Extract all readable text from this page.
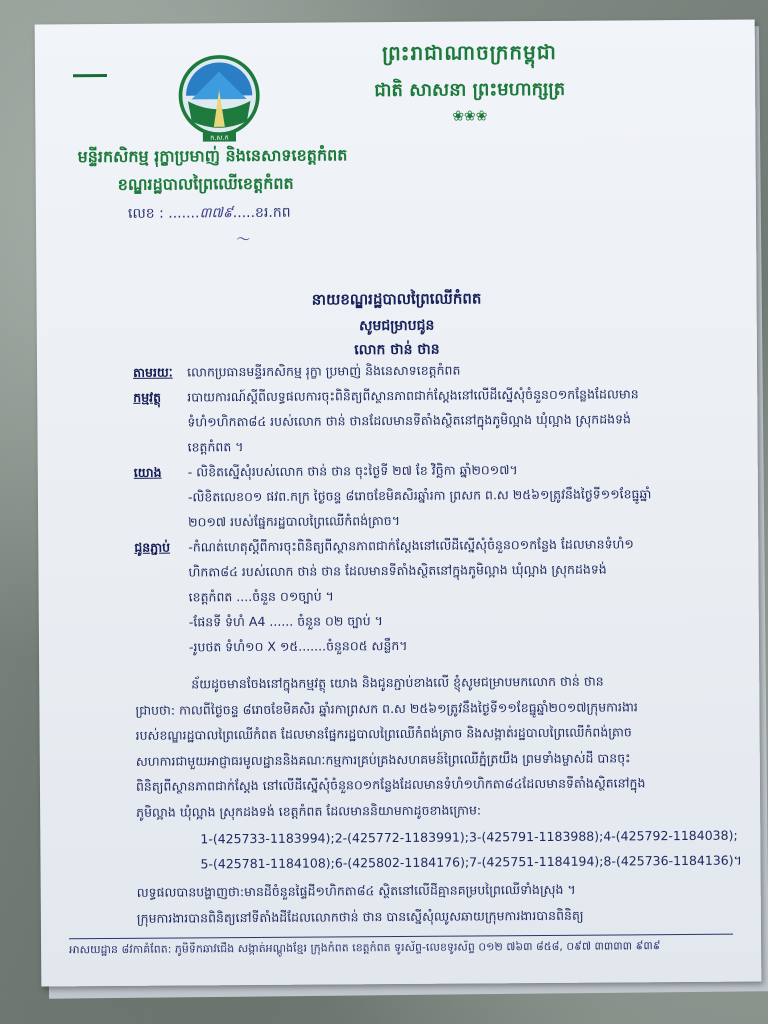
ព្រះរាជាណាចក្រកម្ពុជា
ជាតិ សាសនា ព្រះមហាក្សត្រ
❀❀❀
ក.ស.ក
មន្ទីរកសិកម្ម រុក្ខាប្រមាញ់ និងនេសាទខេត្តកំពត
ខណ្ឌរដ្ឋបាលព្រៃឈើខេត្តកំពត
លេខ : .......៣៧៩.....ខរ.កព
〜
នាយខណ្ឌរដ្ឋបាលព្រៃឈើកំពត
សូមជម្រាបជូន
លោក ថាន់ ថាន
តាមរយៈ លោកប្រធានមន្ទីរកសិកម្ម រុក្ខា ប្រមាញ់ និងនេសាទខេត្តកំពត
កម្មវត្ថុ របាយការណ៍ស្តីពីលទ្ធផលការចុះពិនិត្យពីស្ថានភាពជាក់ស្តែងនៅលើដីស្នើសុំចំនួន០១កន្លែងដែលមាន
ទំហំ១ហិកតា៨៤ របស់លោក ថាន់ ថានដែលមានទីតាំងស្ថិតនៅក្នុងភូមិល្អាង ឃុំល្អាង ស្រុកដងទង់
ខេត្តកំពត ។
យោង - លិខិតស្នើសុំរបស់លោក ថាន់ ថាន ចុះថ្ងៃទី ២៧ ខែ វិច្ឆិកា ឆ្នាំ២០១៧។
-លិខិតលេខ០១ ផវព.កក្រ ថ្ងៃចន្ទ ៨រោចខែមិគសិរឆ្នាំរកា ព្រសក ព.ស ២៥៦១ត្រូវនឹងថ្ងៃទី១១ខែធ្នូឆ្នាំ
២០១៧ របស់ផ្នែករដ្ឋបាលព្រៃឈើកំពង់ត្រាច។
ជូនភ្ជាប់ -កំណត់ហេតុស្តីពីការចុះពិនិត្យពីស្ថានភាពជាក់ស្តែងនៅលើដីស្នើសុំចំនួន០១កន្លែង ដែលមានទំហំ១
ហិកតា៨៤ របស់លោក ថាន់ ថាន ដែលមានទីតាំងស្ថិតនៅក្នុងភូមិល្អាង ឃុំល្អាង ស្រុកដងទង់
ខេត្តកំពត ....ចំនួន ០១ច្បាប់ ។
-ផែនទី ទំហំ A4 ...... ចំនួន ០២ ច្បាប់ ។
-រូបថត ទំហំ១០ X ១៥.......ចំនួន០៥ សន្លឹក។
ន័យដូចមានចែងនៅក្នុងកម្មវត្ថុ យោង និងជូនភ្ជាប់ខាងលើ ខ្ញុំសូមជម្រាបមកលោក ថាន់ ថាន
ជ្រាបថា: កាលពីថ្ងៃចន្ទ ៨រោចខែមិគសិរ ឆ្នាំរកាព្រសក ព.ស ២៥៦១ត្រូវនឹងថ្ងៃទី១១ខែធ្នូឆ្នាំ២០១៧ក្រុមការងារ
របស់ខណ្ឌរដ្ឋបាលព្រៃឈើកំពត ដែលមានផ្នែករដ្ឋបាលព្រៃឈើកំពង់ត្រាច និងសង្កាត់រដ្ឋបាលព្រៃឈើកំពង់ត្រាច
សហការជាមួយអាជ្ញាធរមូលដ្ឋាននិងគណៈកម្មការគ្រប់គ្រងសហគមន៍ព្រៃឈើភ្នំត្រយឹង ព្រមទាំងម្ចាស់ដី បានចុះ
ពិនិត្យពីស្ថានភាពជាក់ស្តែង នៅលើដីស្នើសុំចំនួន០១កន្លែងដែលមានទំហំ១ហិកតា៨៤ដែលមានទីតាំងស្ថិតនៅក្នុង
ភូមិល្អាង ឃុំល្អាង ស្រុកដងទង់ ខេត្តកំពត ដែលមាននិយាមកាដូចខាងក្រោម:
1-(425733-1183994);2-(425772-1183991);3-(425791-1183988);4-(425792-1184038);
5-(425781-1184108);6-(425802-1184176);7-(425751-1184194);8-(425736-1184136)។
លទ្ធផលបានបង្ហាញថា:មានដីចំនួនផ្ទៃដី១ហិកតា៨៤ ស្ថិតនៅលើដីគ្មានគម្របព្រៃឈើទាំងស្រុង ។
ក្រុមការងារបានពិនិត្យនៅទីតាំងដីដែលលោកថាន់ ថាន បានស្នើសុំឈូសឆាយក្រុមការងារបានពិនិត្យ
អាសយដ្ឋាន ៨វកាគំពែត: ភូមិទឹកឆាវជើង សង្កាត់អណ្ដូងខ្មែរ ក្រុងកំពត ខេត្តកំពត ទូរស័ព្ទ-លេខទូរស័ព្ទ ០១២ ៧៦៣ ៨៥៨, ០៩៧ ៣៣៣៣ ៩៣៩
